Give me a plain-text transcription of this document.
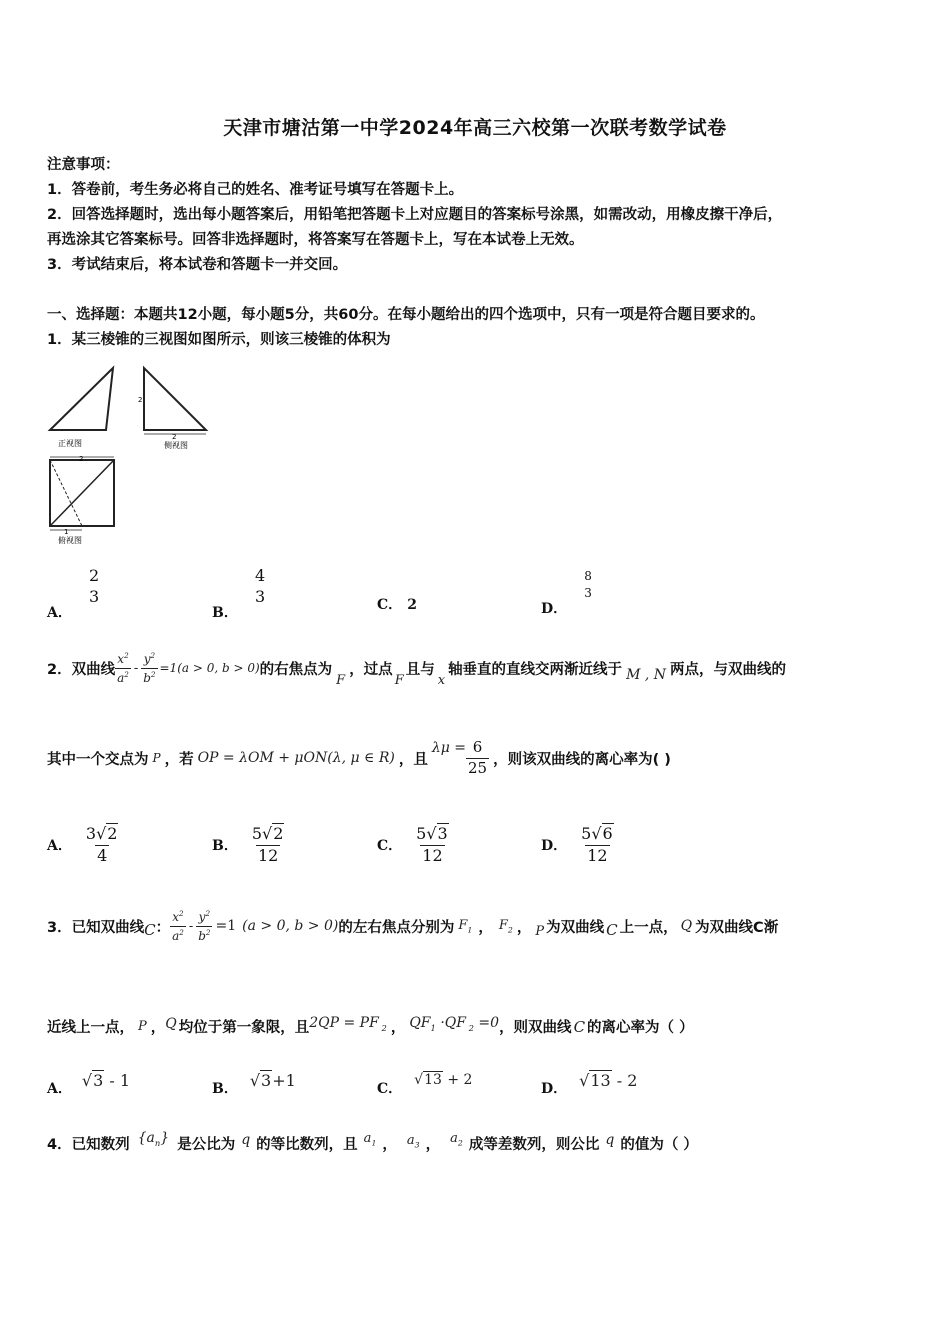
天津市塘沽第一中学2024年高三六校第一次联考数学试卷
注意事项：
1．答卷前，考生务必将自己的姓名、准考证号填写在答题卡上。
2．回答选择题时，选出每小题答案后，用铅笔把答题卡上对应题目的答案标号涂黑，如需改动，用橡皮擦干净后，
再选涂其它答案标号。回答非选择题时，将答案写在答题卡上，写在本试卷上无效。
3．考试结束后，将本试卷和答题卡一并交回。
一、选择题：本题共12小题，每小题5分，共60分。在每小题给出的四个选项中，只有一项是符合题目要求的。
1．某三棱锥的三视图如图所示，则该三棱锥的体积为
正视图
2
2
侧视图
2
1
俯视图
A．
2
3
B．
4
3	C． 2	D．
8
3
2．双曲线 $\frac{x^2}{a^2} - \frac{y^2}{b^2} =1(a > 0$, b > 0) 的右焦点为
F
，过点
F
且与
x
轴垂直的直线交两渐近线于 M , N 两点，与双曲线的
其中一个交点为 P ，若 OP = λOM + μON(λ, μ ∈ R) ，且
$\lambda\mu = \frac{6}{25}$ ，则该双曲线的离心率为( )
A． $\frac{3√2}{4}$	B． $\frac{5√2}{12}$	C． $\frac{5√3}{12}$	D． $\frac{5√6}{12}$
3．已知双曲线 C ： $\frac{x^2}{a^2} - \frac{y^2}{b^2} =1$ (a > 0, b > 0) 的左右焦点分别为 $F_1$ ， $F_2$ ， P 为双曲线 C 上一点， Q 为双曲线C渐
近线上一点， P ， Q 均位于第一象限，且 2QP = PF $_2$ ， $QF_1 \cdot QF$ $_2$ =0 ，则双曲线 C 的离心率为（ ）
A． √3 - 1	B． √3+1	C．
√13 + 2
D． √13 - 2
4．已知数列 $\{a_n\}$ 是公比为 q 的等比数列，且 $a_1$ ， $a_3$ ， $a_2$ 成等差数列，则公比 q 的值为（ ）
